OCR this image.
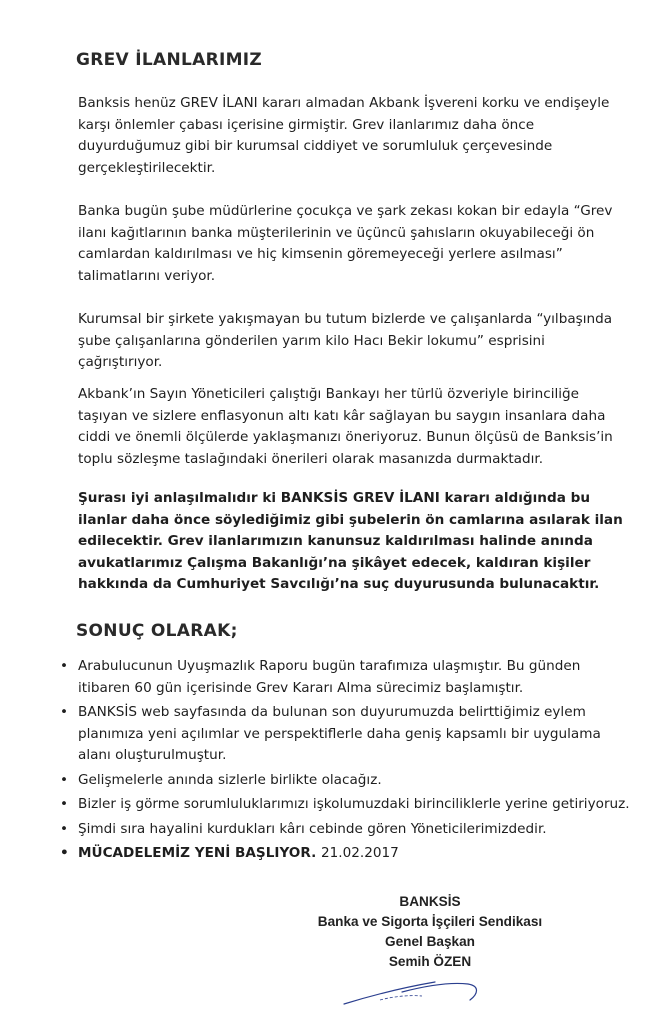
GREV İLANLARIMIZ

Banksis henüz GREV İLANI kararı almadan Akbank İşvereni korku ve endişeyle karşı önlemler çabası içerisine girmiştir. Grev ilanlarımız daha önce duyurduğumuz gibi bir kurumsal ciddiyet ve sorumluluk çerçevesinde gerçekleştirilecektir.

Banka bugün şube müdürlerine çocukça ve şark zekası kokan bir edayla “Grev ilanı kağıtlarının banka müşterilerinin ve üçüncü şahısların okuyabileceği ön camlardan kaldırılması ve hiç kimsenin göremeyeceği yerlere asılması” talimatlarını veriyor.

Kurumsal bir şirkete yakışmayan bu tutum bizlerde ve çalışanlarda “yılbaşında şube çalışanlarına gönderilen yarım kilo Hacı Bekir lokumu” esprisini çağrıştırıyor.

Akbank’ın Sayın Yöneticileri çalıştığı Bankayı her türlü özveriyle birinciliğe taşıyan ve sizlere enflasyonun altı katı kâr sağlayan bu saygın insanlara daha ciddi ve önemli ölçülerde yaklaşmanızı öneriyoruz. Bunun ölçüsü de Banksis’in toplu sözleşme taslağındaki önerileri olarak masanızda durmaktadır.

Şurası iyi anlaşılmalıdır ki BANKSİS GREV İLANI kararı aldığında bu ilanlar daha önce söylediğimiz gibi şubelerin ön camlarına asılarak ilan edilecektir. Grev ilanlarımızın kanunsuz kaldırılması halinde anında avukatlarımız Çalışma Bakanlığı’na şikâyet edecek, kaldıran kişiler hakkında da Cumhuriyet Savcılığı’na suç duyurusunda bulunacaktır.

SONUÇ OLARAK;
• Arabulucunun Uyuşmazlık Raporu bugün tarafımıza ulaşmıştır. Bu günden itibaren 60 gün içerisinde Grev Kararı Alma sürecimiz başlamıştır.
• BANKSİS web sayfasında da bulunan son duyurumuzda belirttiğimiz eylem planımıza yeni açılımlar ve perspektiflerle daha geniş kapsamlı bir uygulama alanı oluşturulmuştur.
• Gelişmelerle anında sizlerle birlikte olacağız.
• Bizler iş görme sorumluluklarımızı işkolumuzdaki birinciliklerle yerine getiriyoruz.
• Şimdi sıra hayalini kurdukları kârı cebinde gören Yöneticilerimizdedir.
• MÜCADELEMİZ YENİ BAŞLIYOR. 21.02.2017
BANKSİS
Banka ve Sigorta İşçileri Sendikası
Genel Başkan
Semih ÖZEN
